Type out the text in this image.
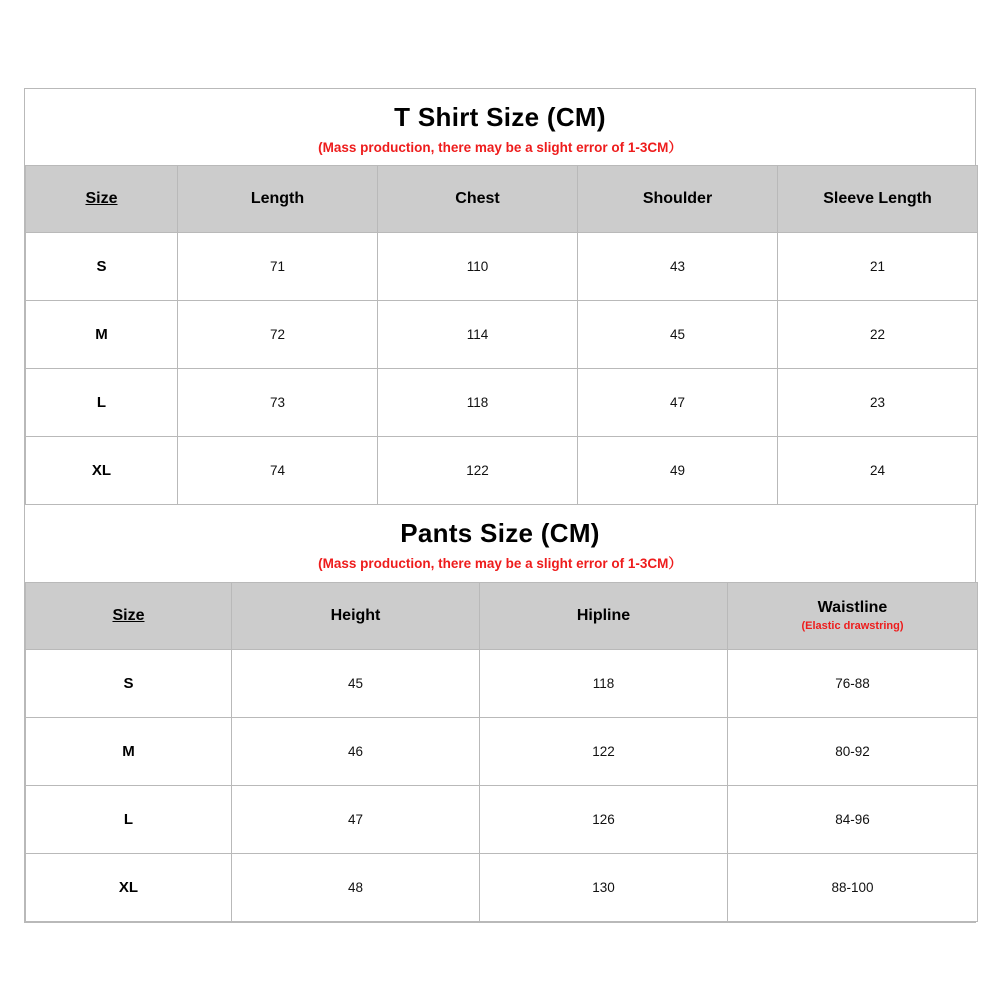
T Shirt Size (CM)
(Mass production, there may be a slight error of 1-3CM）
Size	Length	Chest	Shoulder	Sleeve Length
S	71	110	43	21
M	72	114	45	22
L	73	118	47	23
XL	74	122	49	24
Pants Size (CM)
(Mass production, there may be a slight error of 1-3CM）
Size	Height	Hipline	Waistline
(Elastic drawstring)

S	45	118	76-88
M	46	122	80-92
L	47	126	84-96
XL	48	130	88-100
